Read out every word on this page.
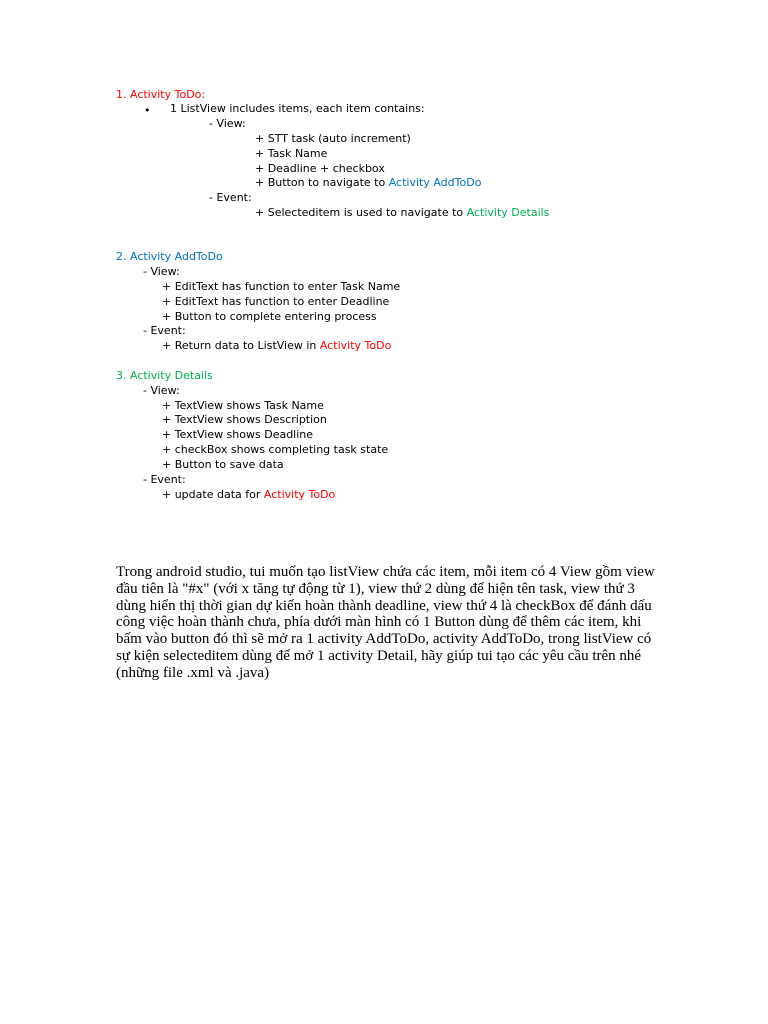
1. Activity ToDo:
• 1 ListView includes items, each item contains:
- View:
+ STT task (auto increment)
+ Task Name
+ Deadline + checkbox
+ Button to navigate to Activity AddToDo
- Event:
+ Selecteditem is used to navigate to Activity Details
2. Activity AddToDo
- View:
+ EditText has function to enter Task Name
+ EditText has function to enter Deadline
+ Button to complete entering process
- Event:
+ Return data to ListView in Activity ToDo
3. Activity Details
- View:
+ TextView shows Task Name
+ TextView shows Description
+ TextView shows Deadline
+ checkBox shows completing task state
+ Button to save data
- Event:
+ update data for Activity ToDo
Trong android studio, tui muốn tạo listView chứa các item, mỗi item có 4 View gồm view đầu tiên là "#x" (với x tăng tự động từ 1), view thứ 2 dùng để hiện tên task, view thứ 3 dùng hiển thị thời gian dự kiến hoàn thành deadline, view thứ 4 là checkBox để đánh dấu công việc hoàn thành chưa, phía dưới màn hình có 1 Button dùng để thêm các item, khi bấm vào button đó thì sẽ mở ra 1 activity AddToDo, activity AddToDo, trong listView có sự kiện selecteditem dùng để mở 1 activity Detail, hãy giúp tui tạo các yêu cầu trên nhé (những file .xml và .java)
